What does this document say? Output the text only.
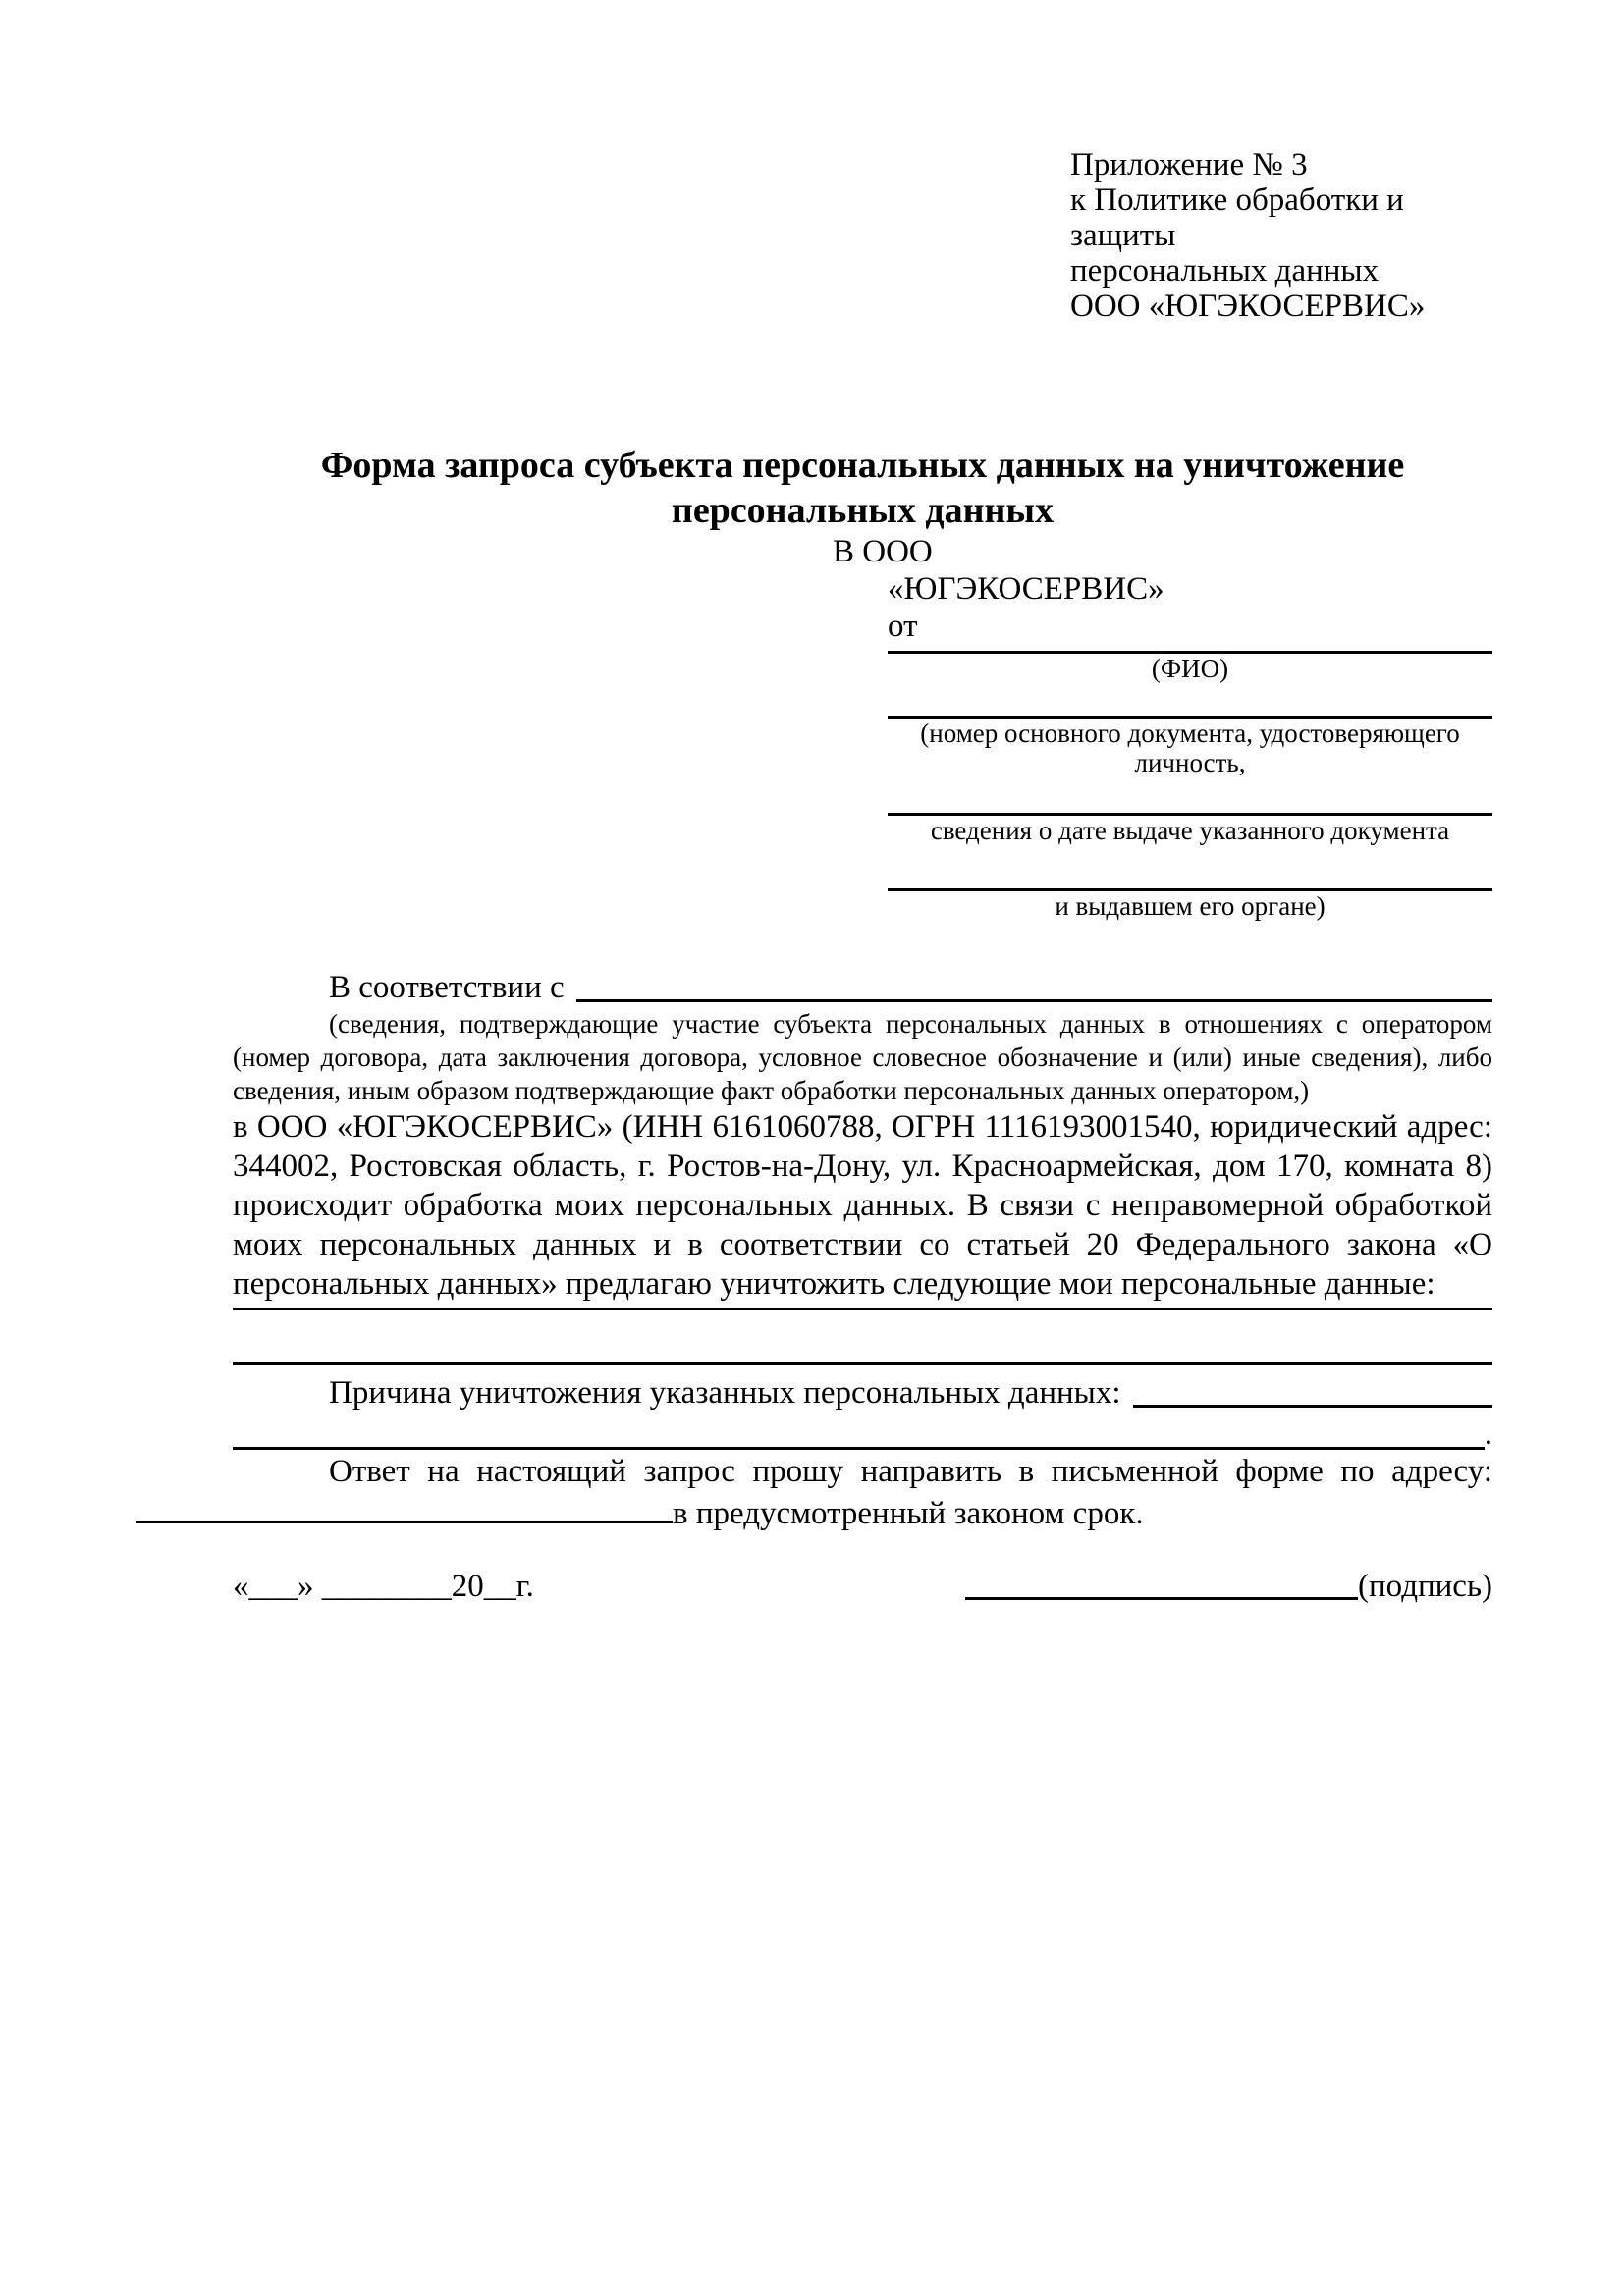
Приложение № 3
к Политике обработки и защиты
персональных данных
ООО «ЮГЭКОСЕРВИС»
Форма запроса субъекта персональных данных на уничтожение персональных данных
В ООО
«ЮГЭКОСЕРВИС»
от
(ФИО)
(номер основного документа, удостоверяющего личность,
сведения о дате выдаче указанного документа
и выдавшем его органе)
В соответствии с
(сведения, подтверждающие участие субъекта персональных данных в отношениях с оператором (номер договора, дата заключения договора, условное словесное обозначение и (или) иные сведения), либо сведения, иным образом подтверждающие факт обработки персональных данных оператором,)
в ООО «ЮГЭКОСЕРВИС» (ИНН 6161060788, ОГРН 1116193001540, юридический адрес: 344002, Ростовская область, г. Ростов-на-Дону, ул. Красноармейская, дом 170, комната 8) происходит обработка моих персональных данных. В связи с неправомерной обработкой моих персональных данных и в соответствии со статьей 20 Федерального закона «О персональных данных» предлагаю уничтожить следующие мои персональные данные:
Причина уничтожения указанных персональных данных:
.
Ответ на настоящий запрос прошу направить в письменной форме по адресу: в предусмотренный законом срок.
«___» ________20__г.	(подпись)
